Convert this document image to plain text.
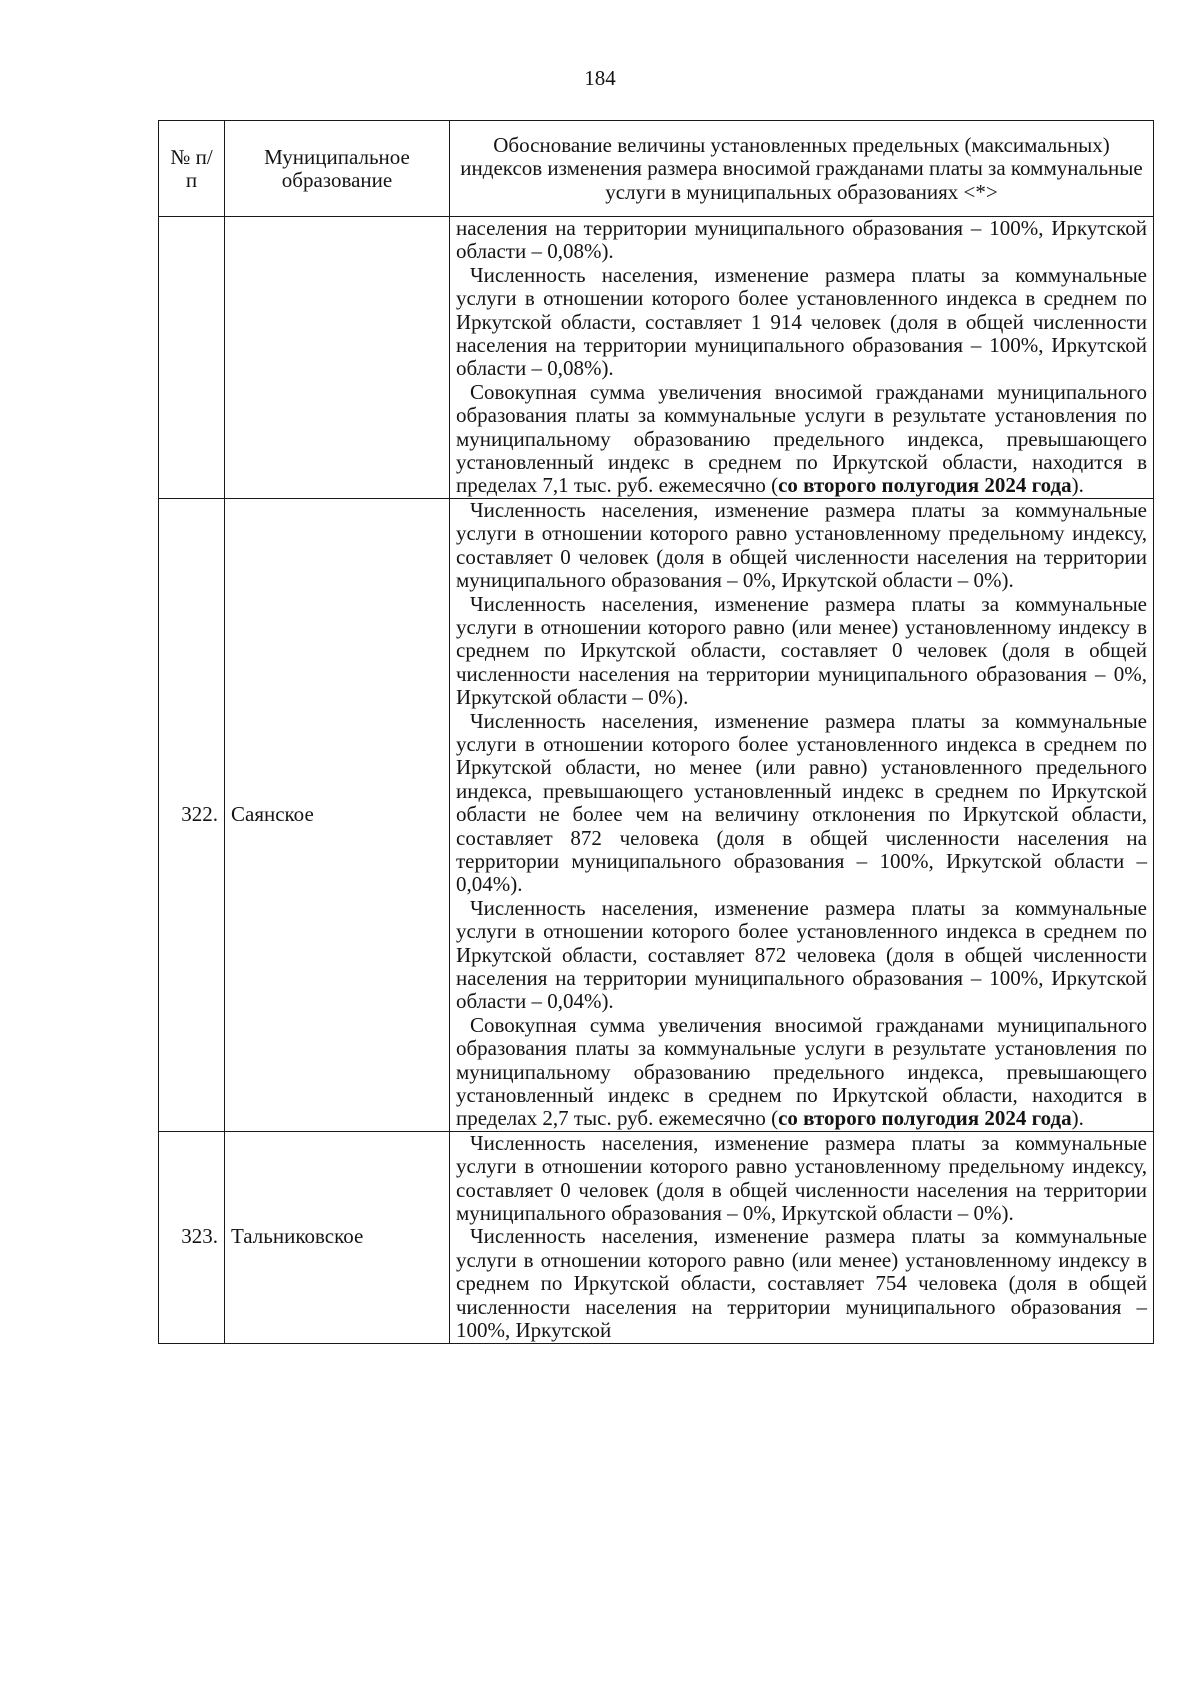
184
№ п/п	Муниципальное образование	Обоснование величины установленных предельных (максимальных) индексов изменения размера вносимой гражданами платы за коммунальные услуги в муниципальных образованиях <*>

		населения на территории муниципального образования – 100%, Иркутской области – 0,08%).
Численность населения, изменение размера платы за коммунальные услуги в отношении которого более установленного индекса в среднем по Иркутской области, составляет 1 914 человек (доля в общей численности населения на территории муниципального образования – 100%, Иркутской области – 0,08%).
Совокупная сумма увеличения вносимой гражданами муниципального образования платы за коммунальные услуги в результате установления по муниципальному образованию предельного индекса, превышающего установленный индекс в среднем по Иркутской области, находится в пределах 7,1 тыс. руб. ежемесячно (со второго полугодия 2024 года).

322.	Саянское	Численность населения, изменение размера платы за коммунальные услуги в отношении которого равно установленному предельному индексу, составляет 0 человек (доля в общей численности населения на территории муниципального образования – 0%, Иркутской области – 0%).
Численность населения, изменение размера платы за коммунальные услуги в отношении которого равно (или менее) установленному индексу в среднем по Иркутской области, составляет 0 человек (доля в общей численности населения на территории муниципального образования – 0%, Иркутской области – 0%).
Численность населения, изменение размера платы за коммунальные услуги в отношении которого более установленного индекса в среднем по Иркутской области, но менее (или равно) установленного предельного индекса, превышающего установленный индекс в среднем по Иркутской области не более чем на величину отклонения по Иркутской области, составляет 872 человека (доля в общей численности населения на территории муниципального образования – 100%, Иркутской области – 0,04%).
Численность населения, изменение размера платы за коммунальные услуги в отношении которого более установленного индекса в среднем по Иркутской области, составляет 872 человека (доля в общей численности населения на территории муниципального образования – 100%, Иркутской области – 0,04%).
Совокупная сумма увеличения вносимой гражданами муниципального образования платы за коммунальные услуги в результате установления по муниципальному образованию предельного индекса, превышающего установленный индекс в среднем по Иркутской области, находится в пределах 2,7 тыс. руб. ежемесячно (со второго полугодия 2024 года).

323.	Тальниковское	Численность населения, изменение размера платы за коммунальные услуги в отношении которого равно установленному предельному индексу, составляет 0 человек (доля в общей численности населения на территории муниципального образования – 0%, Иркутской области – 0%).
Численность населения, изменение размера платы за коммунальные услуги в отношении которого равно (или менее) установленному индексу в среднем по Иркутской области, составляет 754 человека (доля в общей численности населения на территории муниципального образования – 100%, Иркутской
